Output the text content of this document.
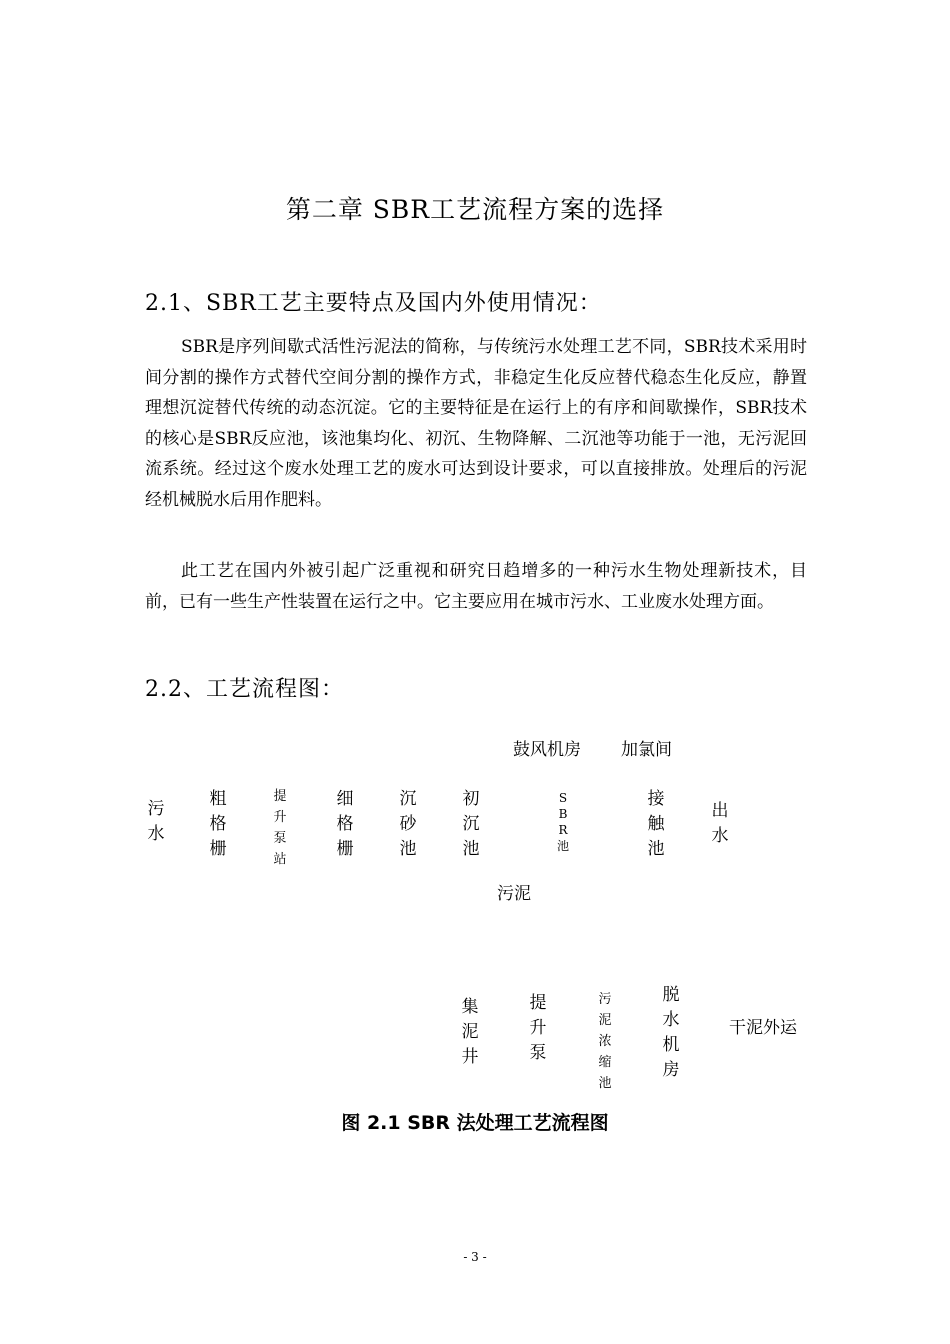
第二章 SBR工艺流程方案的选择
2.1、SBR工艺主要特点及国内外使用情况：

SBR是序列间歇式活性污泥法的简称，与传统污水处理工艺不同，SBR技术采用时间分割的操作方式替代空间分割的操作方式，非稳定生化反应替代稳态生化反应，静置理想沉淀替代传统的动态沉淀。它的主要特征是在运行上的有序和间歇操作，SBR技术的核心是SBR反应池，该池集均化、初沉、生物降解、二沉池等功能于一池，无污泥回流系统。经过这个废水处理工艺的废水可达到设计要求，可以直接排放。处理后的污泥经机械脱水后用作肥料。

此工艺在国内外被引起广泛重视和研究日趋增多的一种污水生物处理新技术，目前，已有一些生产性装置在运行之中。它主要应用在城市污水、工业废水处理方面。

2.2、工艺流程图：
鼓风机房 加氯间
污水
粗格栅
提升泵站
细格栅
沉砂池
初沉池
SBR池
接触池
出水
污泥
集泥井
提升泵
污泥浓缩池
脱水机房
干泥外运
图 2.1 SBR 法处理工艺流程图
- 3 -
